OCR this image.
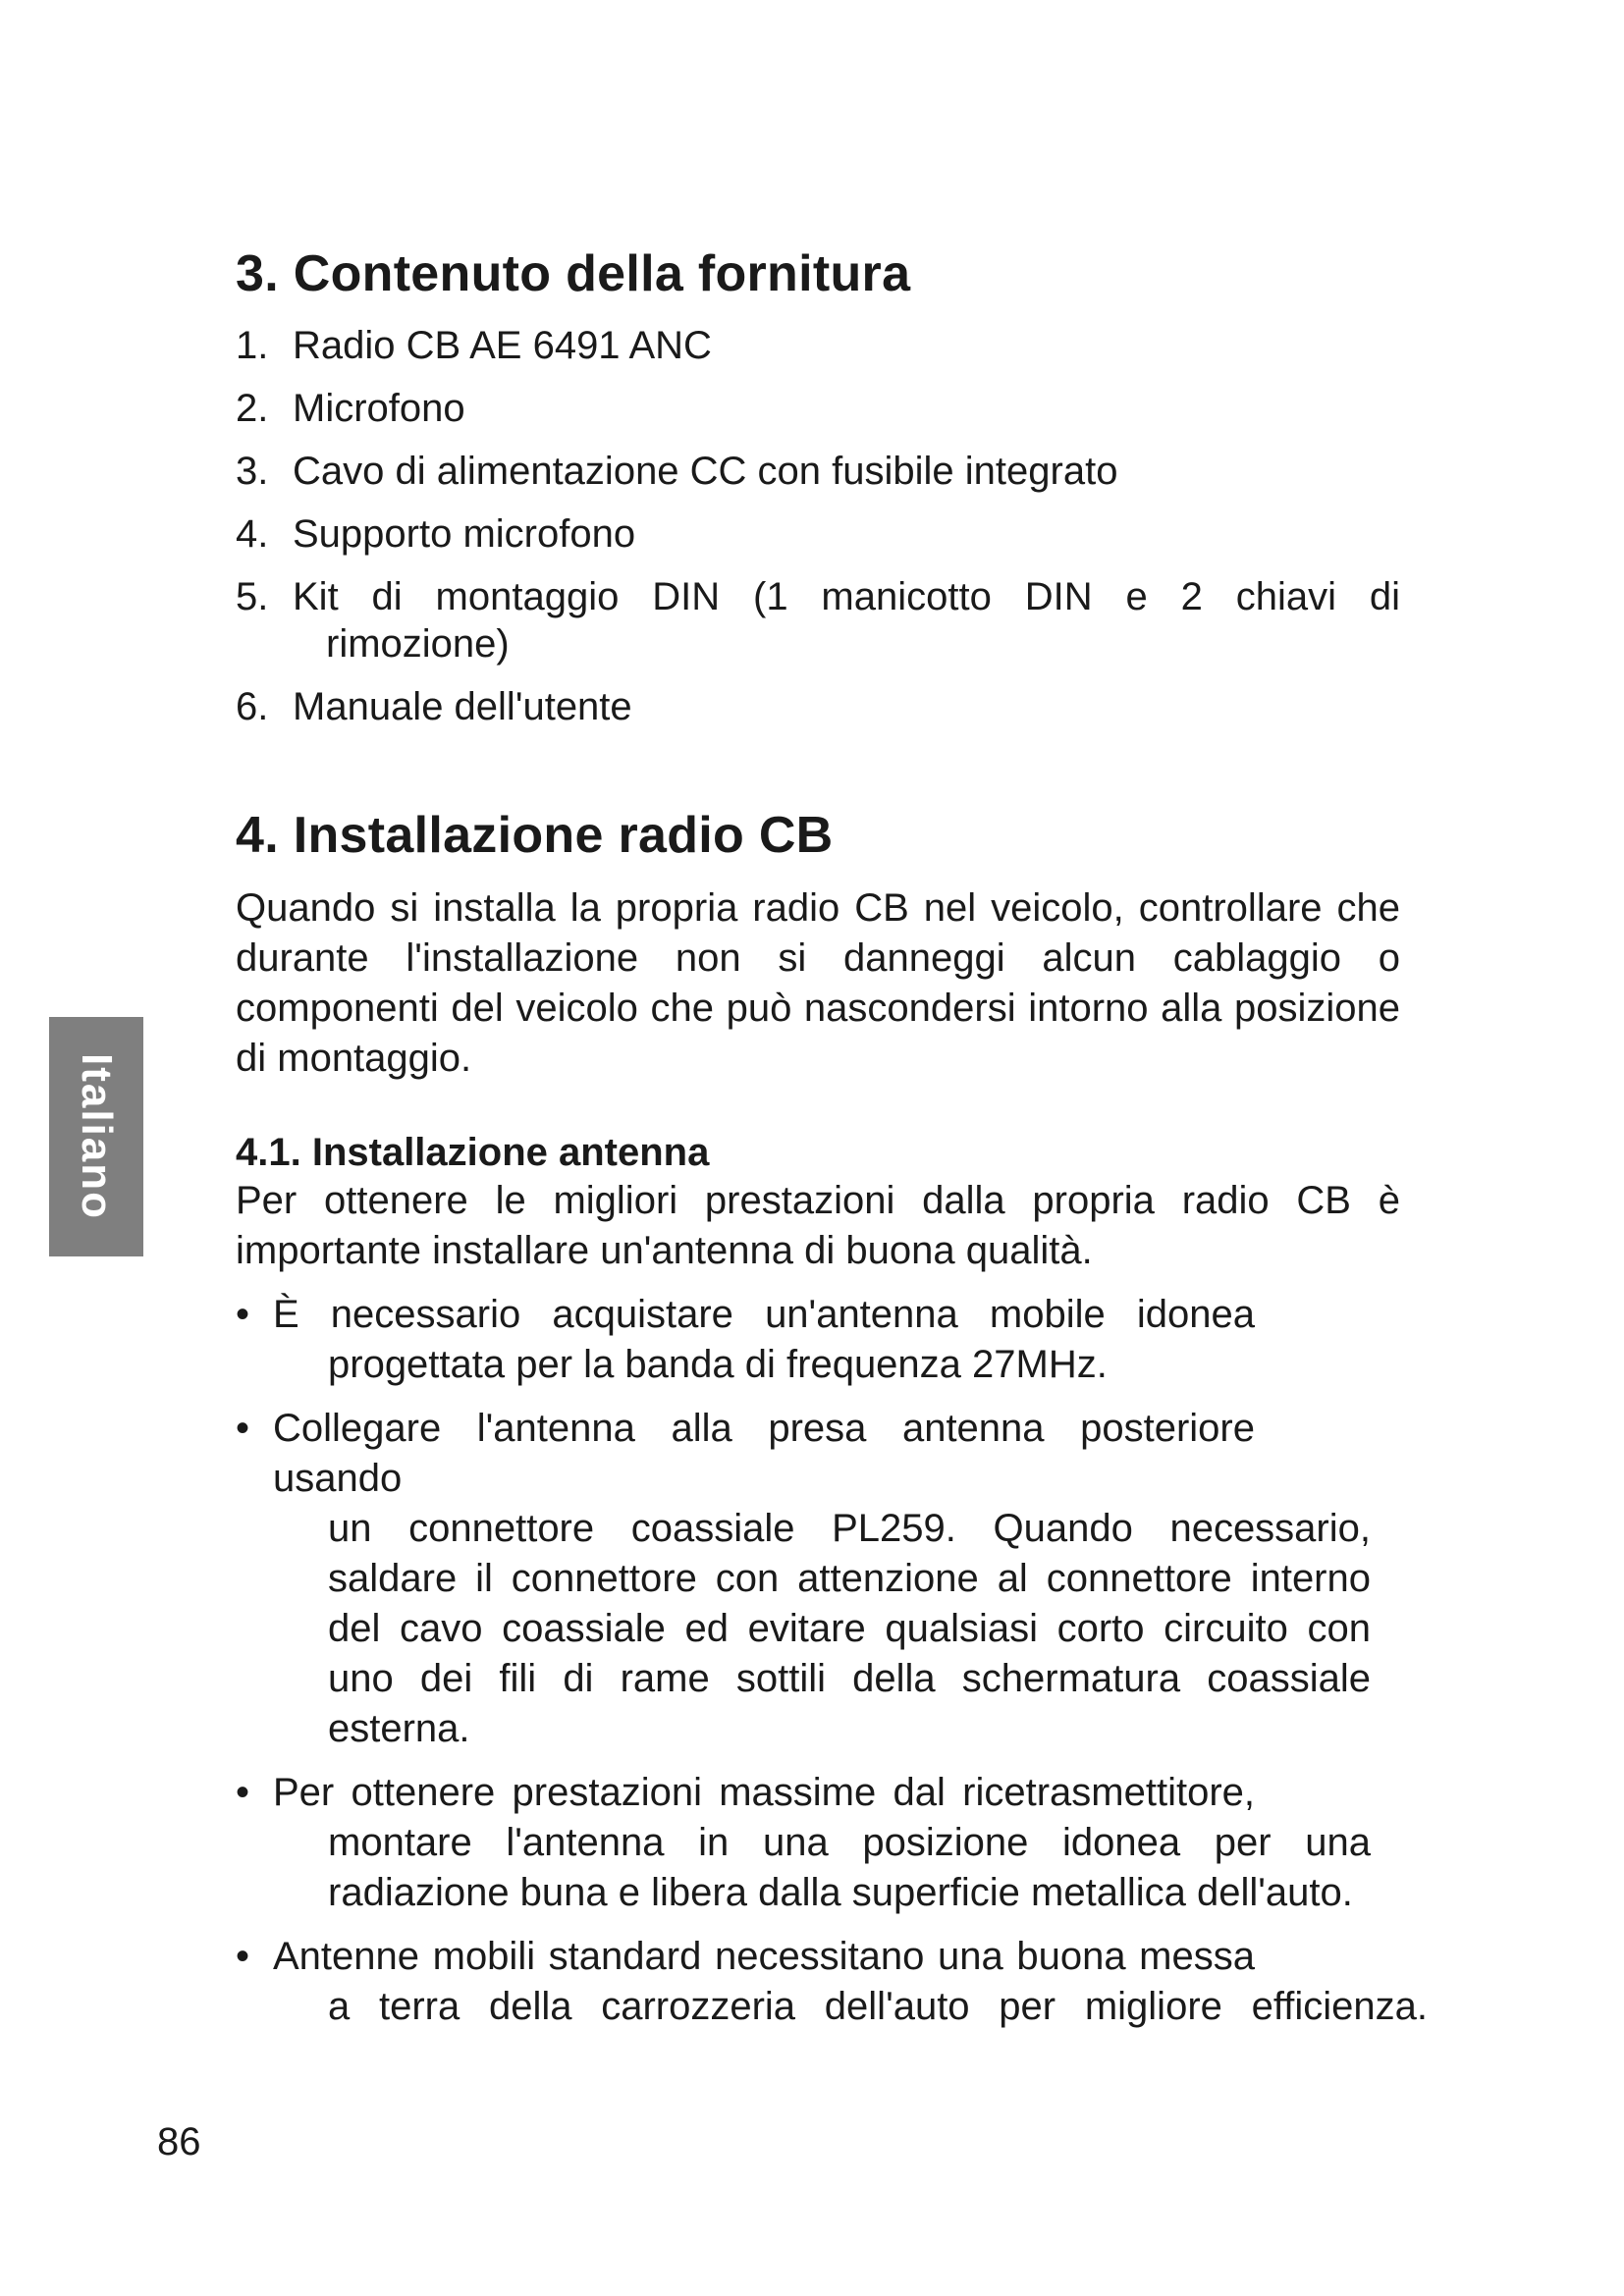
Italiano
3. Contenuto della fornitura
1. Radio CB AE 6491 ANC
2. Microfono
3. Cavo di alimentazione CC con fusibile integrato
4. Supporto microfono
5. Kit di montaggio DIN (1 manicotto DIN e 2 chiavi di
rimozione)
6. Manuale dell'utente
4. Installazione radio CB

Quando si installa la propria radio CB nel veicolo, controllare che durante l'installazione non si danneggi alcun cablaggio o componenti del veicolo che può nascondersi intorno alla posizione di montaggio.

4.1. Installazione antenna

Per ottenere le migliori prestazioni dalla propria radio CB è importante installare un'antenna di buona qualità.

• È necessario acquistare un'antenna mobile idonea
progettata per la banda di frequenza 27MHz.
• Collegare l'antenna alla presa antenna posteriore usando
un connettore coassiale PL259. Quando necessario, saldare il connettore con attenzione al connettore interno del cavo coassiale ed evitare qualsiasi corto circuito con uno dei fili di rame sottili della schermatura coassiale esterna.
• Per ottenere prestazioni massime dal ricetrasmettitore,
montare l'antenna in una posizione idonea per una radiazione buna e libera dalla superficie metallica dell'auto.
• Antenne mobili standard necessitano una buona messa
a terra della carrozzeria dell'auto per migliore efficienza.
86
